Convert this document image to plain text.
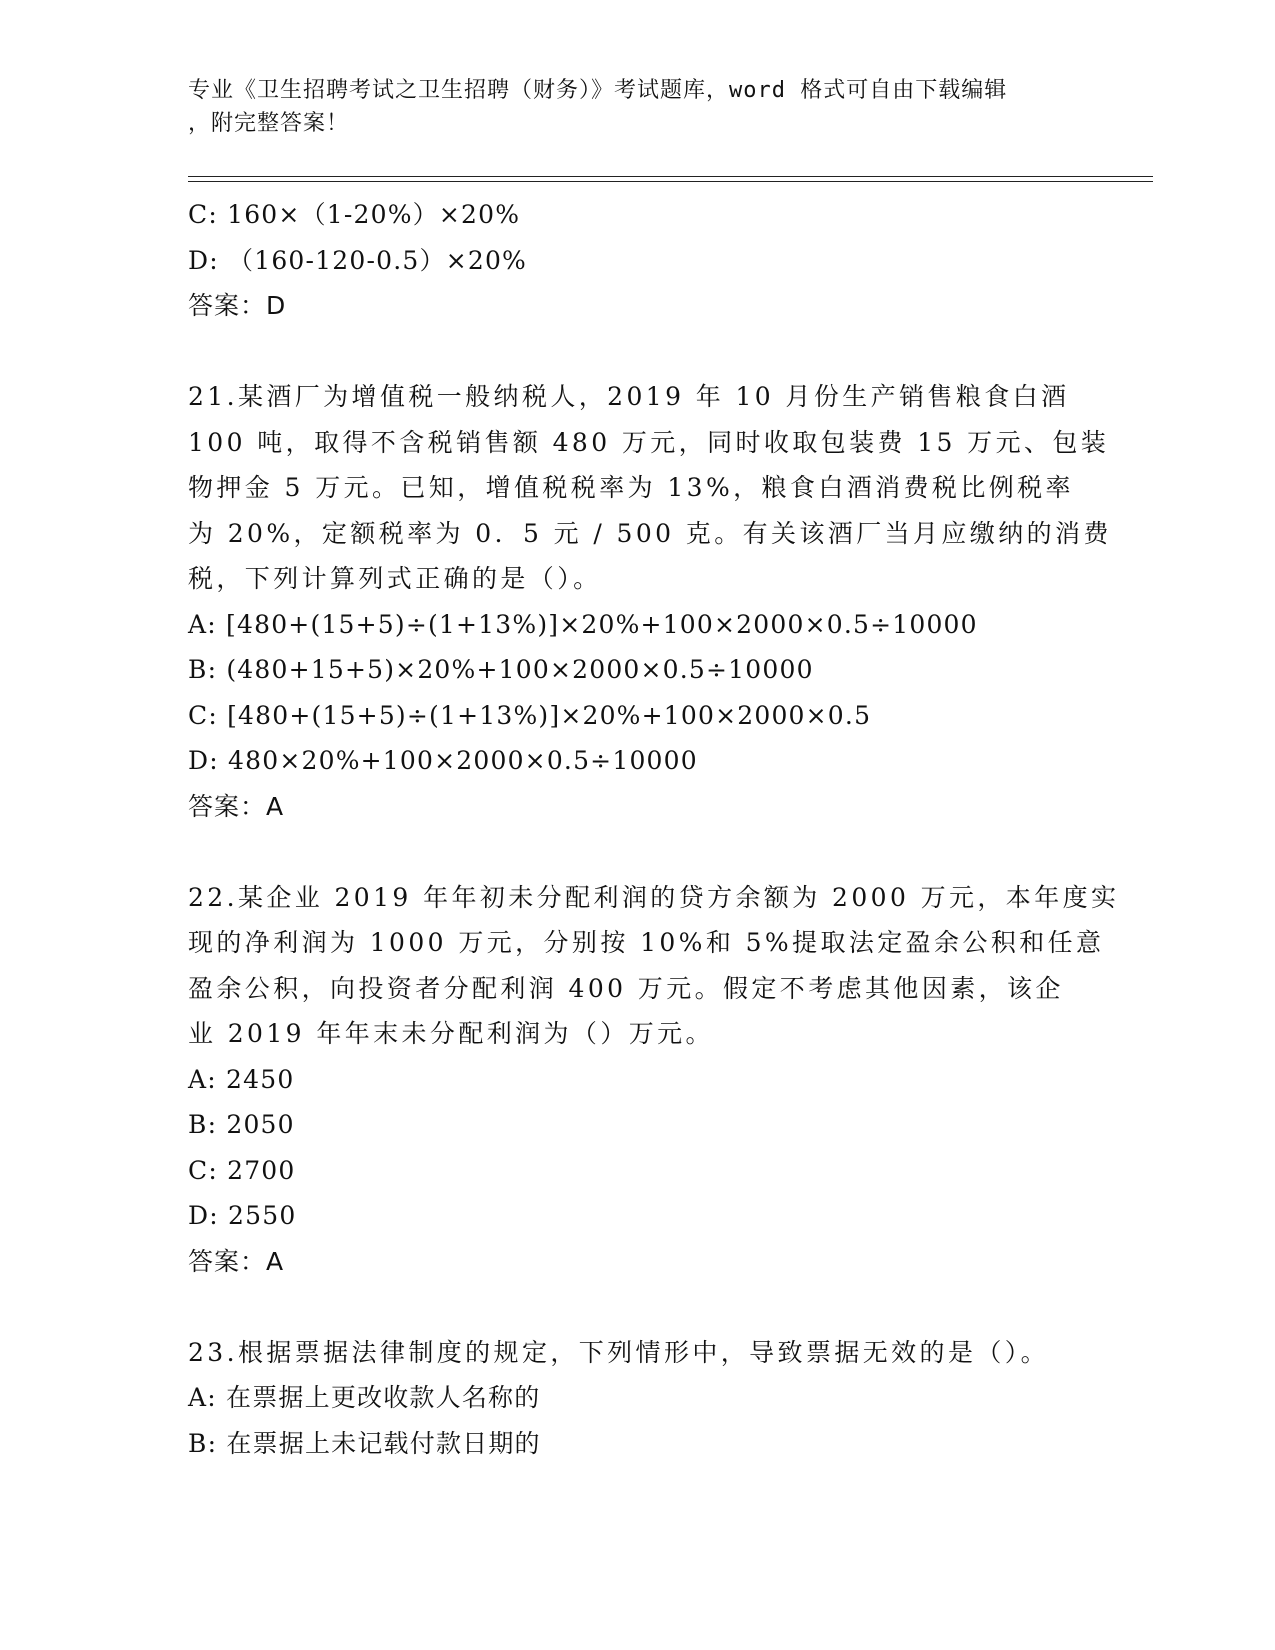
专业《卫生招聘考试之卫生招聘（财务）》考试题库，word 格式可自由下载编辑
，附完整答案！
C: 160×（1-20%）×20%
D: （160-120-0.5）×20%
答案：D
21.某酒厂为增值税一般纳税人，2019 年 10 月份生产销售粮食白酒
100 吨，取得不含税销售额 480 万元，同时收取包装费 15 万元、包装
物押金 5 万元。已知，增值税税率为 13%，粮食白酒消费税比例税率
为 20%，定额税率为 0．5 元 / 500 克。有关该酒厂当月应缴纳的消费
税，下列计算列式正确的是（）。
A: [480+(15+5)÷(1+13%)]×20%+100×2000×0.5÷10000
B: (480+15+5)×20%+100×2000×0.5÷10000
C: [480+(15+5)÷(1+13%)]×20%+100×2000×0.5
D: 480×20%+100×2000×0.5÷10000
答案：A
22.某企业 2019 年年初未分配利润的贷方余额为 2000 万元，本年度实
现的净利润为 1000 万元，分别按 10%和 5%提取法定盈余公积和任意
盈余公积，向投资者分配利润 400 万元。假定不考虑其他因素，该企
业 2019 年年末未分配利润为（）万元。
A: 2450
B: 2050
C: 2700
D: 2550
答案：A
23.根据票据法律制度的规定，下列情形中，导致票据无效的是（）。
A: 在票据上更改收款人名称的
B: 在票据上未记载付款日期的
